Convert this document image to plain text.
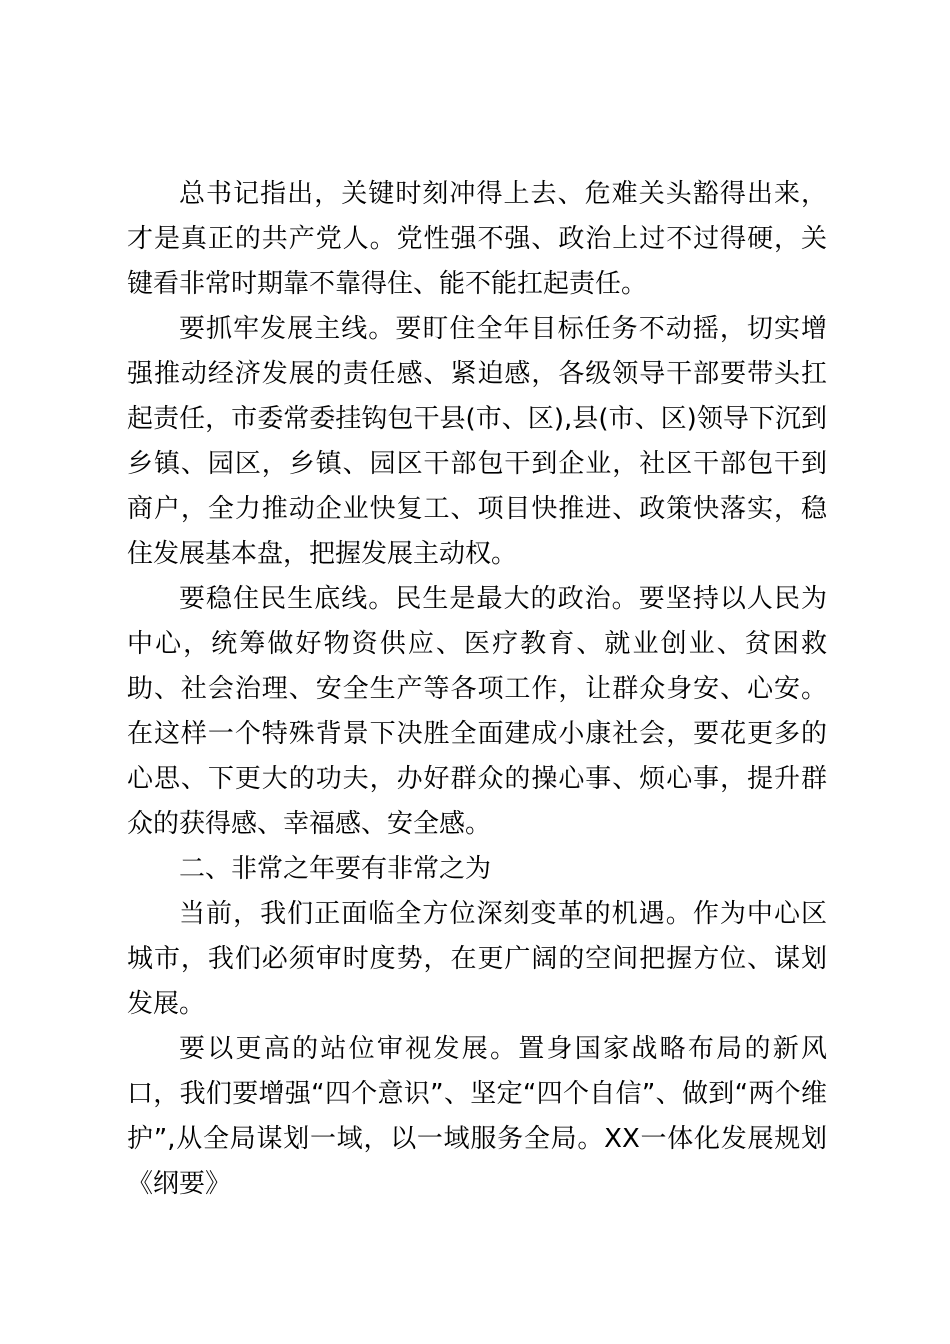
总书记指出，关键时刻冲得上去、危难关头豁得出来，才是真正的共产党人。党性强不强、政治上过不过得硬，关键看非常时期靠不靠得住、能不能扛起责任。

要抓牢发展主线。要盯住全年目标任务不动摇，切实增强推动经济发展的责任感、紧迫感，各级领导干部要带头扛起责任，市委常委挂钩包干县(市、区),县(市、区)领导下沉到乡镇、园区，乡镇、园区干部包干到企业，社区干部包干到商户，全力推动企业快复工、项目快推进、政策快落实，稳住发展基本盘，把握发展主动权。

要稳住民生底线。民生是最大的政治。要坚持以人民为中心，统筹做好物资供应、医疗教育、就业创业、贫困救助、社会治理、安全生产等各项工作，让群众身安、心安。在这样一个特殊背景下决胜全面建成小康社会，要花更多的心思、下更大的功夫，办好群众的操心事、烦心事，提升群众的获得感、幸福感、安全感。

二、非常之年要有非常之为

当前，我们正面临全方位深刻变革的机遇。作为中心区城市，我们必须审时度势，在更广阔的空间把握方位、谋划发展。

要以更高的站位审视发展。置身国家战略布局的新风口，我们要增强“四个意识”、坚定“四个自信”、做到“两个维护”,从全局谋划一域，以一域服务全局。XX一体化发展规划《纲要》
